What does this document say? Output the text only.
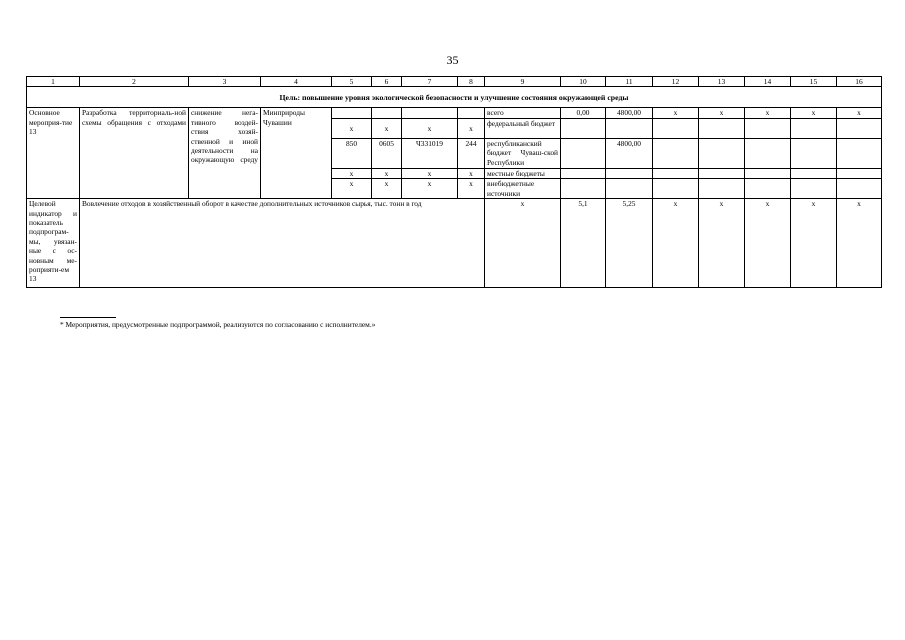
35
1	2	3	4	5	6	7	8	9	10	11	12	13	14	15	16
Цель: повышение уровня экологической безопасности и улучшение состояния окружающей среды															
Основное мероприя-тие 13	Разработка территориаль-ной схемы обращения с отходами	снижение нега-тивного воздей-ствия хозяй-ственной и иной деятельности на окружающую среду	Минприроды Чувашии					всего	0,00	4800,00	х	х	х	х	х
				х	х	х	х	федеральный бюджет							
				850	0605	Ч331019	244	республиканский бюджет Чуваш-ской Республики		4800,00					
				х	х	х	х	местные бюджеты							
				х	х	х	х	внебюджетные источники							
Целевой индикатор и показатель подпрограм-мы, увязан-ные с ос-новным ме-роприяти-ем 13	Вовлечение отходов в хозяйственный оборот в качестве дополнительных источников сырья, тыс. тонн в год							х	5,1	5,25	х	х	х	х	х
* Мероприятия, предусмотренные подпрограммой, реализуются по согласованию с исполнителем.»
